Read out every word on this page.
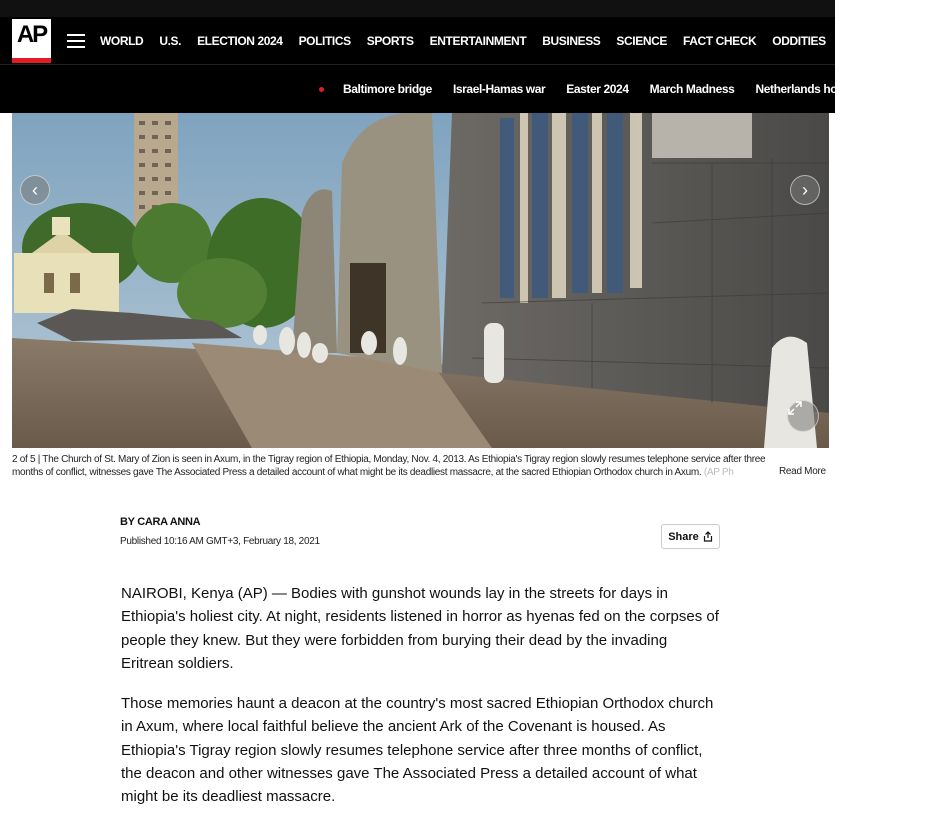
AP	WORLD U.S. ELECTION 2024 POLITICS SPORTS ENTERTAINMENT BUSINESS SCIENCE FACT CHECK ODDITIES NEWSLETTE
Baltimore bridge Israel-Hamas war Easter 2024 March Madness Netherlands hostage
‹	›
2 of 5 | The Church of St. Mary of Zion is seen in Axum, in the Tigray region of Ethiopia, Monday, Nov. 4, 2013. As Ethiopia's Tigray region slowly resumes telephone service after three months of conflict, witnesses gave The Associated Press a detailed account of what might be its deadliest massacre, at the sacred Ethiopian Orthodox church in Axum. (AP Ph	Read More
BY CARA ANNA
Published 10:16 AM GMT+3, February 18, 2021	Share

NAIROBI, Kenya (AP) — Bodies with gunshot wounds lay in the streets for days in Ethiopia's holiest city. At night, residents listened in horror as hyenas fed on the corpses of people they knew. But they were forbidden from burying their dead by the invading Eritrean soldiers.

Those memories haunt a deacon at the country's most sacred Ethiopian Orthodox church in Axum, where local faithful believe the ancient Ark of the Covenant is housed. As Ethiopia's Tigray region slowly resumes telephone service after three months of conflict, the deacon and other witnesses gave The Associated Press a detailed account of what might be its deadliest massacre.
